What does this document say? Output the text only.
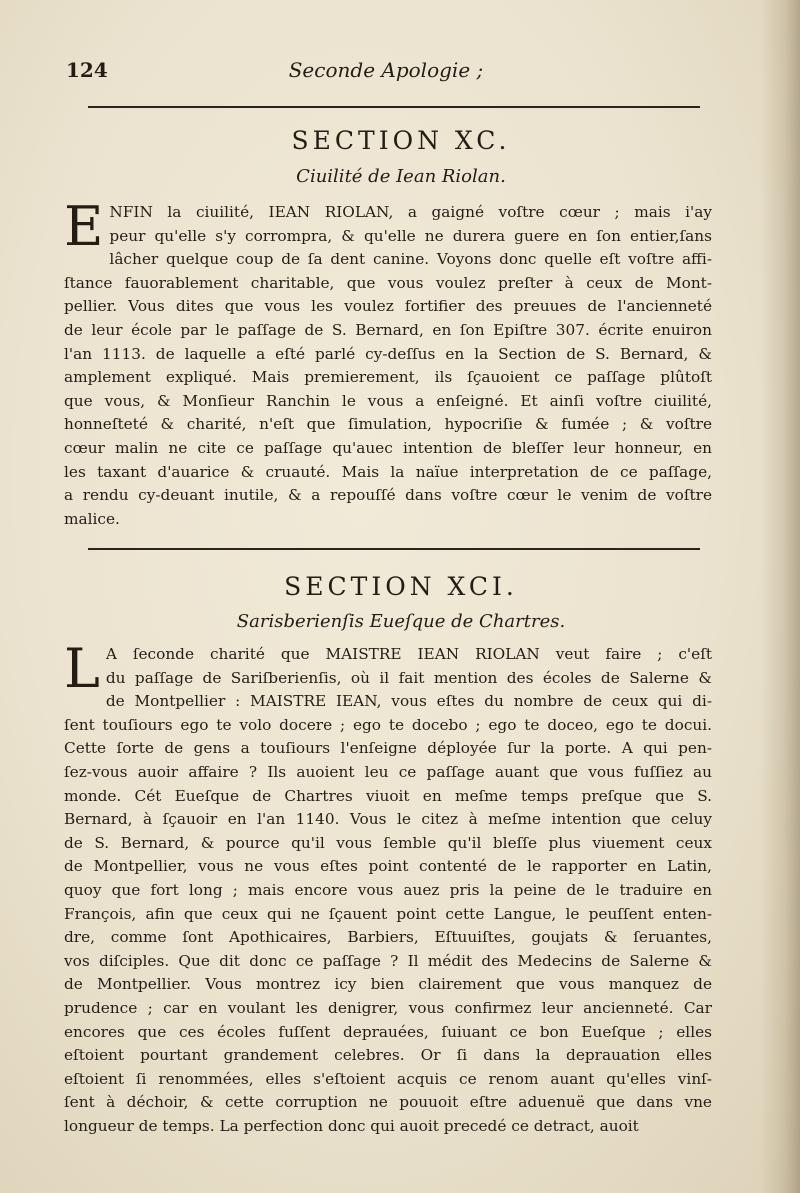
124	Seconde Apologie ;
SECTION XC.
Ciuilité de Iean Riolan.
E NFIN la ciuilité, IEAN RIOLAN, a gaigné voſtre cœur ; mais i'ay
peur qu'elle s'y corrompra, & qu'elle ne durera guere en ſon entier,ſans
lâcher quelque coup de ſa dent canine. Voyons donc quelle eſt voſtre affi-
ſtance fauorablement charitable, que vous voulez preſter à ceux de Mont-
pellier. Vous dites que vous les voulez fortifier des preuues de l'ancienneté
de leur école par le paſſage de S. Bernard, en ſon Epiſtre 307. écrite enuiron
l'an 1113. de laquelle a eſté parlé cy-deſſus en la Section de S. Bernard, &
amplement expliqué. Mais premierement, ils ſçauoient ce paſſage plûtoſt
que vous, & Monſieur Ranchin le vous a enſeigné. Et ainſi voſtre ciuilité,
honneſteté & charité, n'eſt que ſimulation, hypocriſie & fumée ; & voſtre
cœur malin ne cite ce paſſage qu'auec intention de bleſſer leur honneur, en
les taxant d'auarice & cruauté. Mais la naïue interpretation de ce paſſage,
a rendu cy-deuant inutile, & a repouſſé dans voſtre cœur le venim de voſtre
malice.
SECTION XCI.
Sarisberienſis Eueſque de Chartres.
L A ſeconde charité que MAISTRE IEAN RIOLAN veut faire ; c'eſt
du paſſage de Sariſberienſis, où il fait mention des écoles de Salerne &
de Montpellier : MAISTRE IEAN, vous eſtes du nombre de ceux qui di-
ſent touſiours ego te volo docere ; ego te docebo ; ego te doceo, ego te docui.
Cette ſorte de gens a touſiours l'enſeigne déployée ſur la porte. A qui pen-
ſez-vous auoir affaire ? Ils auoient leu ce paſſage auant que vous fuſſiez au
monde. Cét Eueſque de Chartres viuoit en meſme temps preſque que S.
Bernard, à ſçauoir en l'an 1140. Vous le citez à meſme intention que celuy
de S. Bernard, & pource qu'il vous ſemble qu'il bleſſe plus viuement ceux
de Montpellier, vous ne vous eſtes point contenté de le rapporter en Latin,
quoy que fort long ; mais encore vous auez pris la peine de le traduire en
François, afin que ceux qui ne ſçauent point cette Langue, le peuſſent enten-
dre, comme ſont Apothicaires, Barbiers, Eſtuuiſtes, goujats & ſeruantes,
vos diſciples. Que dit donc ce paſſage ? Il médit des Medecins de Salerne &
de Montpellier. Vous montrez icy bien clairement que vous manquez de
prudence ; car en voulant les denigrer, vous confirmez leur ancienneté. Car
encores que ces écoles fuſſent deprauées, ſuiuant ce bon Eueſque ; elles
eſtoient pourtant grandement celebres. Or ſi dans la deprauation elles
eſtoient ſi renommées, elles s'eſtoient acquis ce renom auant qu'elles vinſ-
ſent à déchoir, & cette corruption ne pouuoit eſtre aduenuë que dans vne
longueur de temps. La perfection donc qui auoit precedé ce detract, auoit
